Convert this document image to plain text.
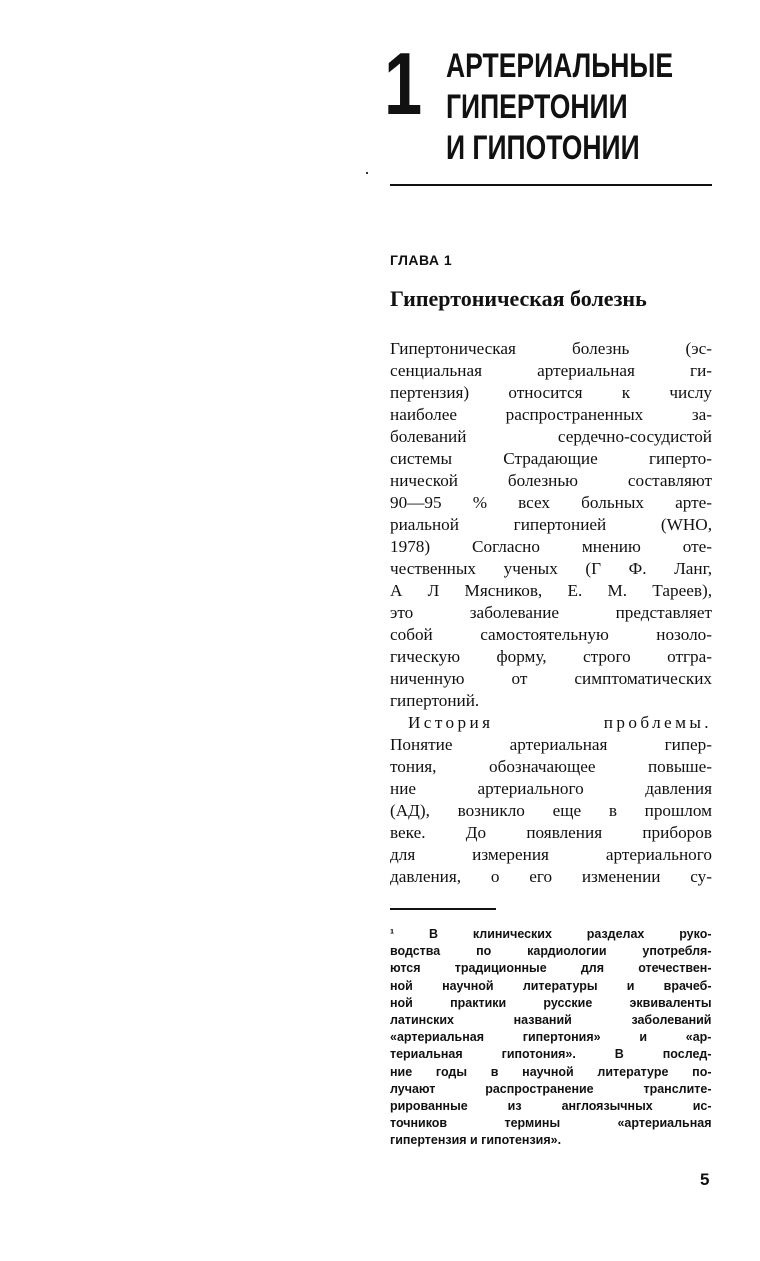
1 АРТЕРИАЛЬНЫЕ
ГИПЕРТОНИИ
И ГИПОТОНИИ
ГЛАВА 1
Гипертоническая болезнь
Гипертоническая болезнь (эс-
сенциальная артериальная ги-
пертензия) относится к числу
наиболее распространенных за-
болеваний сердечно-сосудистой
системы Страдающие гиперто-
нической болезнью составляют
90—95 % всех больных арте-
риальной гипертонией (WHO,
1978) Согласно мнению оте-
чественных ученых (Г Ф. Ланг,
А Л Мясников, Е. М. Тареев),
это заболевание представляет
собой самостоятельную нозоло-
гическую форму, строго отгра-
ниченную от симптоматических
гипертоний.
История проблемы.
Понятие артериальная гипер-
тония, обозначающее повыше-
ние артериального давления
(АД), возникло еще в прошлом
веке. До появления приборов
для измерения артериального
давления, о его изменении су-
¹ В клинических разделах руко-
водства по кардиологии употребля-
ются традиционные для отечествен-
ной научной литературы и врачеб-
ной практики русские эквиваленты
латинских названий заболеваний
«артериальная гипертония» и «ар-
териальная гипотония». В послед-
ние годы в научной литературе по-
лучают распространение транслите-
рированные из англоязычных ис-
точников термины «артериальная
гипертензия и гипотензия».
5
